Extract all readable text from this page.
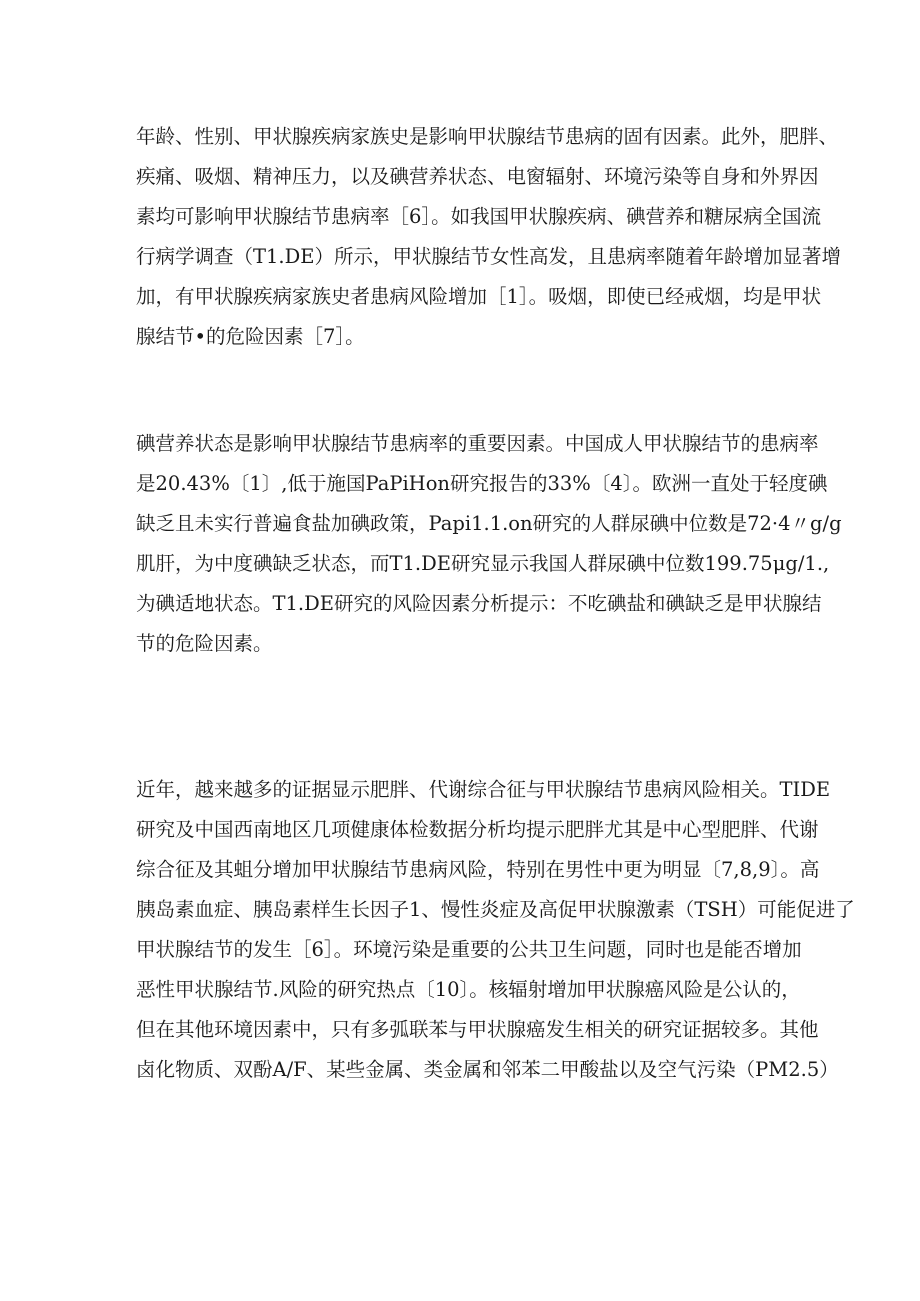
年龄、性别、甲状腺疾病家族史是影响甲状腺结节患病的固有因素。此外，肥胖、
疾痛、吸烟、精神压力，以及碘营养状态、电窗辐射、环境污染等自身和外界因
素均可影响甲状腺结节患病率［6］。如我国甲状腺疾病、碘营养和糖尿病全国流
行病学调查（T1.DE）所示，甲状腺结节女性高发，且患病率随着年龄增加显著增
加，有甲状腺疾病家族史者患病风险增加［1］。吸烟，即使已经戒烟，均是甲状
腺结节•的危险因素［7］。
碘营养状态是影响甲状腺结节患病率的重要因素。中国成人甲状腺结节的患病率
是20.43%〔1〕,低于施国PaPiHon研究报告的33%〔4〕。欧洲一直处于轻度碘
缺乏且未实行普遍食盐加碘政策，Papi1.1.on研究的人群尿碘中位数是72·4〃g/g
肌肝，为中度碘缺乏状态，而T1.DE研究显示我国人群尿碘中位数199.75μg/1.,
为碘适地状态。T1.DE研究的风险因素分析提示：不吃碘盐和碘缺乏是甲状腺结
节的危险因素。
近年，越来越多的证据显示肥胖、代谢综合征与甲状腺结节患病风险相关。TIDE
研究及中国西南地区几项健康体检数据分析均提示肥胖尤其是中心型肥胖、代谢
综合征及其蛆分增加甲状腺结节患病风险，特别在男性中更为明显〔7,8,9〕。高
胰岛素血症、胰岛素样生长因子1、慢性炎症及高促甲状腺激素（TSH）可能促进了
甲状腺结节的发生［6］。环境污染是重要的公共卫生问题，同时也是能否增加
恶性甲状腺结节.风险的研究热点〔10〕。核辐射增加甲状腺癌风险是公认的，
但在其他环境因素中，只有多弧联苯与甲状腺癌发生相关的研究证据较多。其他
卤化物质、双酚A/F、某些金属、类金属和邻苯二甲酸盐以及空气污染（PM2.5）
